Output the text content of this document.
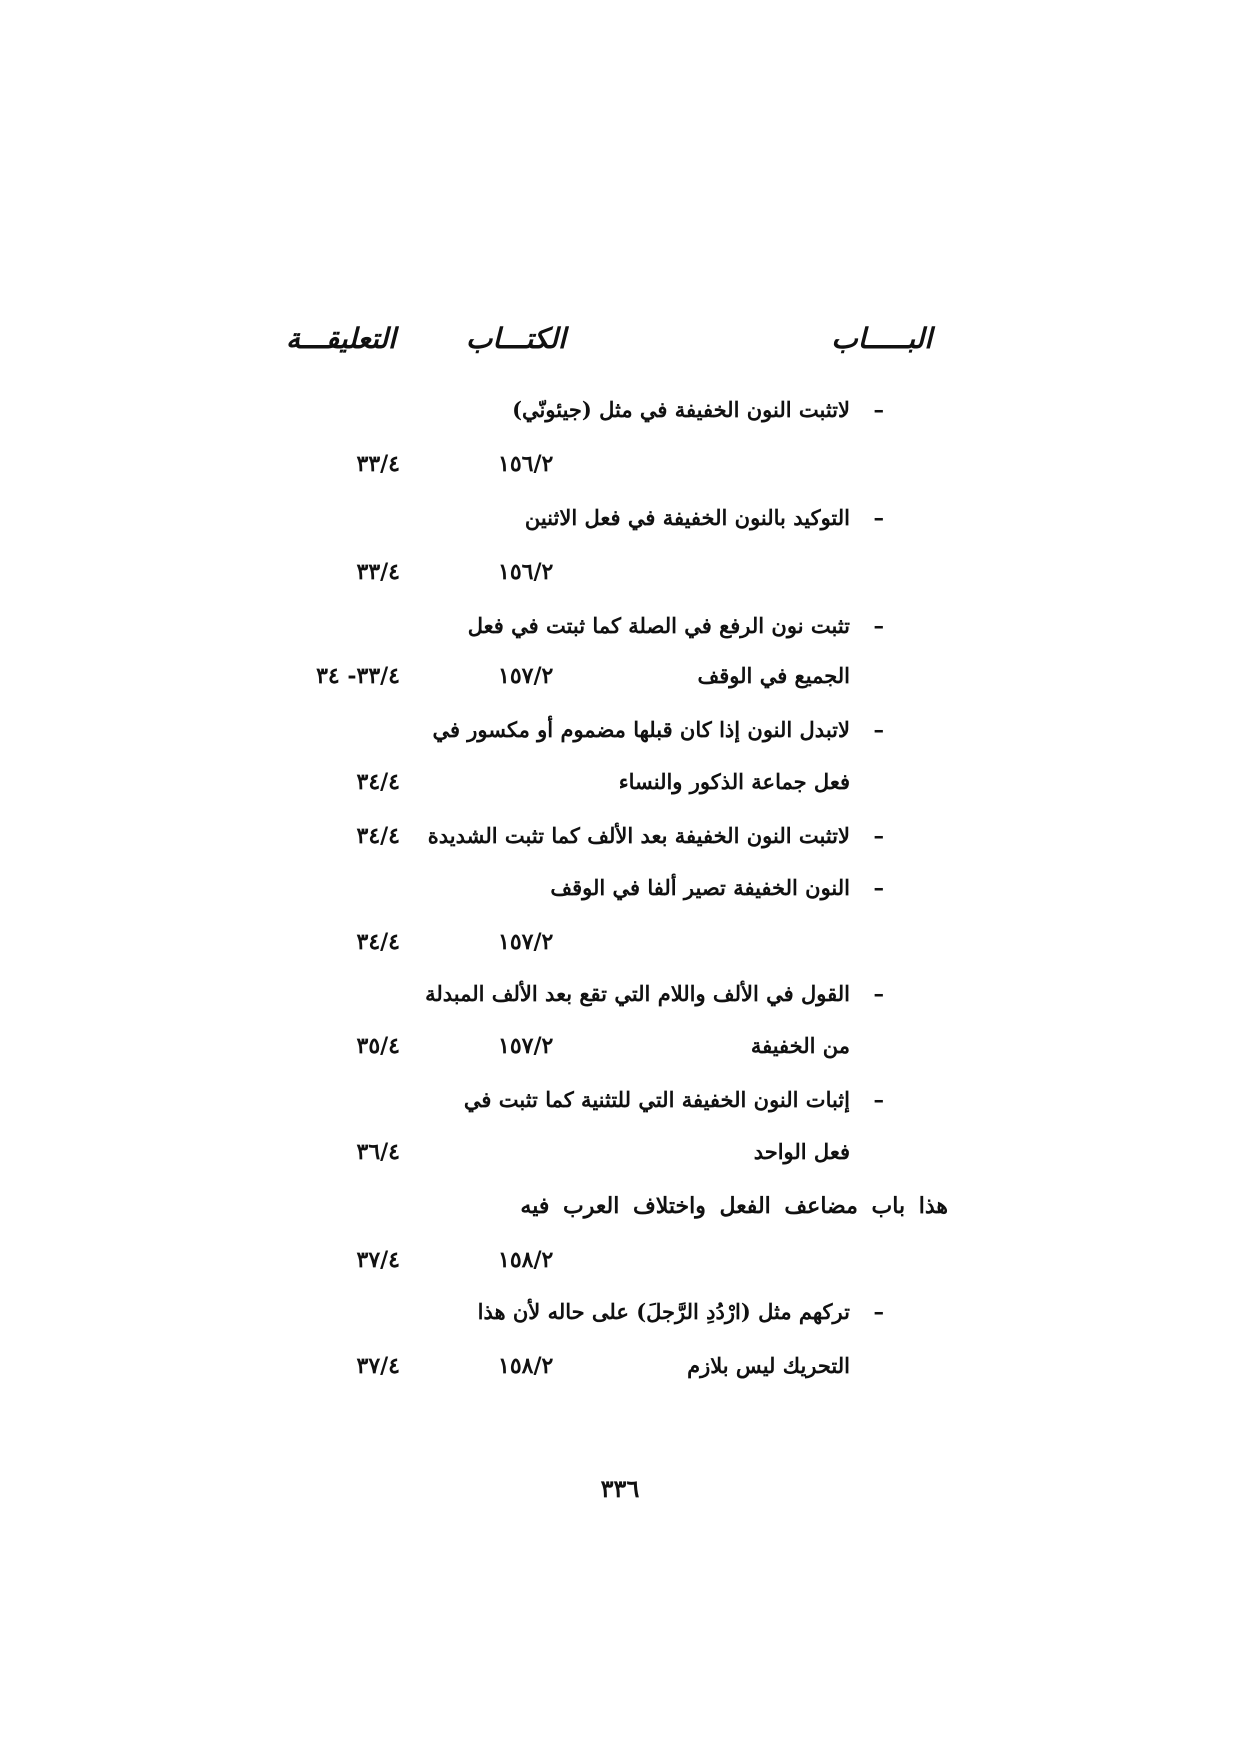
البـــــاب
الكتـــاب
التعليقـــة
–
لاتثبت النون الخفيفة في مثل (جيئونّي)
١٥٦/٢
٣٣/٤
–
التوكيد بالنون الخفيفة في فعل الاثنين
١٥٦/٢
٣٣/٤
–
تثبت نون الرفع في الصلة كما ثبتت في فعل
الجميع في الوقف
١٥٧/٢
٣٣/٤- ٣٤
–
لاتبدل النون إذا كان قبلها مضموم أو مكسور في
فعل جماعة الذكور والنساء
٣٤/٤
–
لاتثبت النون الخفيفة بعد الألف كما تثبت الشديدة
٣٤/٤
–
النون الخفيفة تصير ألفا في الوقف
١٥٧/٢
٣٤/٤
–
القول في الألف واللام التي تقع بعد الألف المبدلة
من الخفيفة
١٥٧/٢
٣٥/٤
–
إثبات النون الخفيفة التي للتثنية كما تثبت في
فعل الواحد
٣٦/٤
هذا باب مضاعف الفعل واختلاف العرب فيه
١٥٨/٢
٣٧/٤
–
تركهم مثل (ارْدُدِ الرَّجلَ) على حاله لأن هذا
التحريك ليس بلازم
١٥٨/٢
٣٧/٤
٣٣٦
